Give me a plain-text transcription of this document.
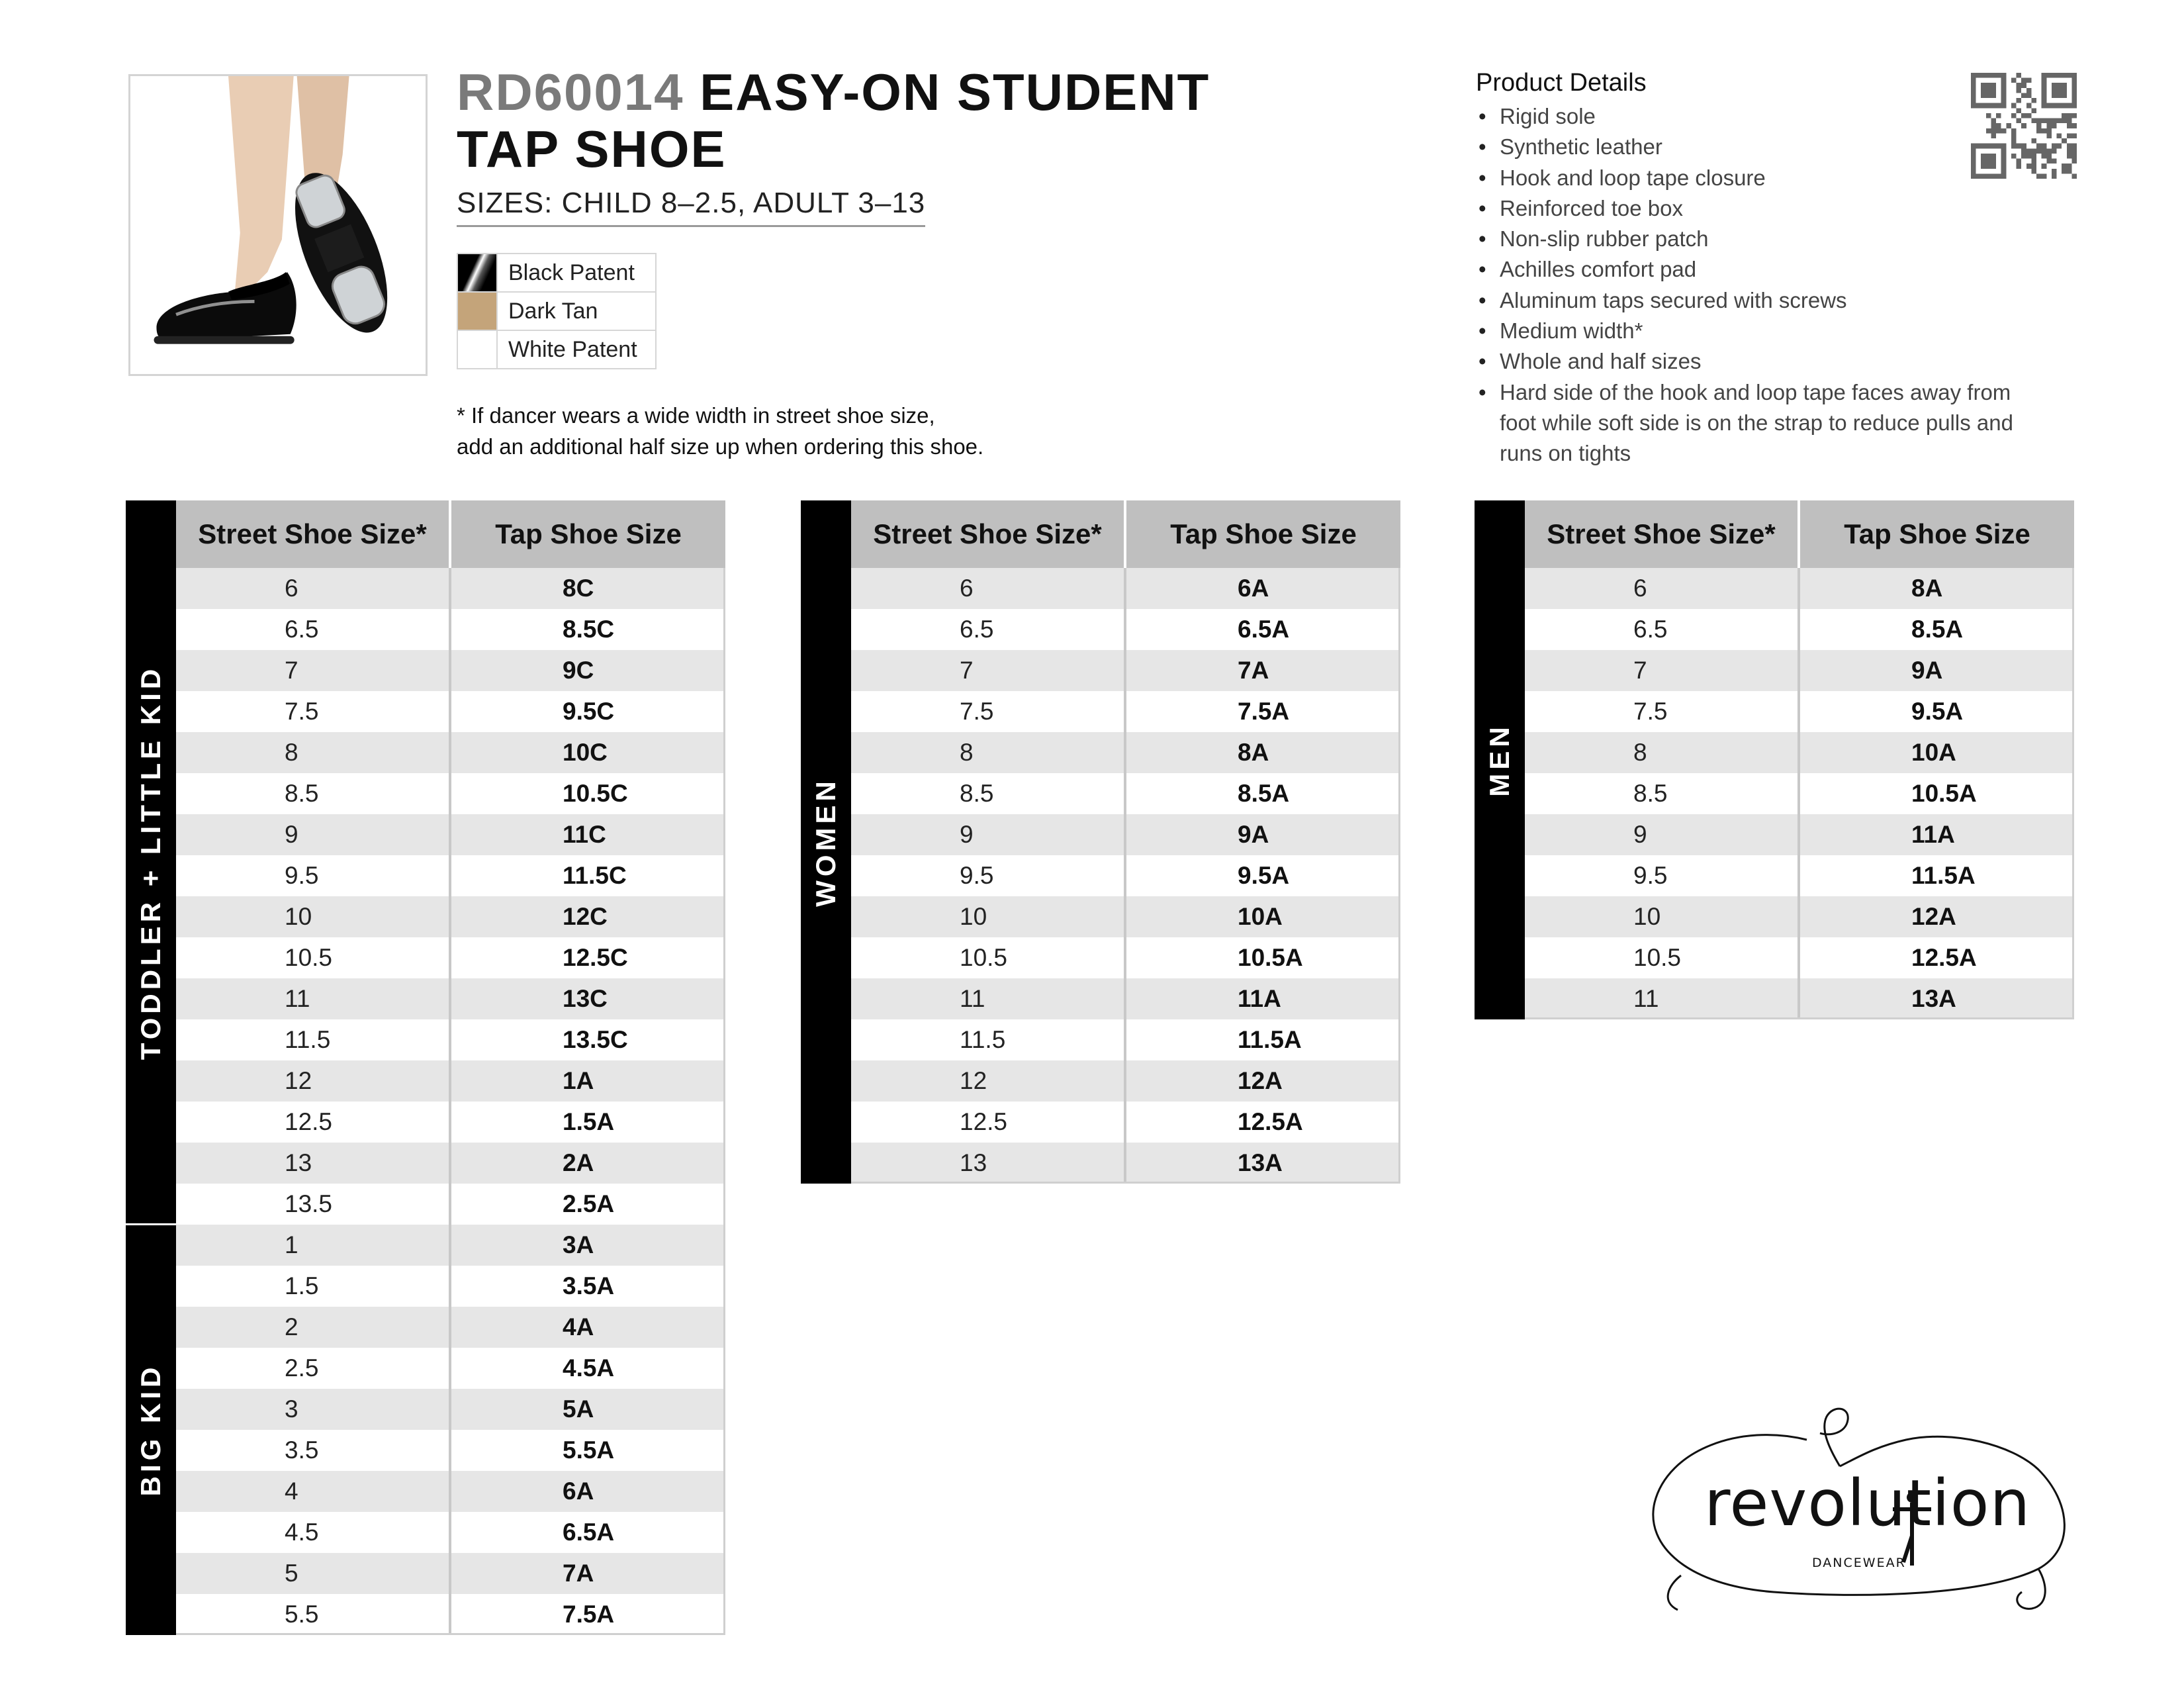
RD60014 EASY-ON STUDENT
TAP SHOE
SIZES: CHILD 8–2.5, ADULT 3–13
	Black Patent
	Dark Tan
	White Patent
* If dancer wears a wide width in street shoe size,
add an additional half size up when ordering this shoe.
Product Details
• Rigid sole
• Synthetic leather
• Hook and loop tape closure
• Reinforced toe box
• Non-slip rubber patch
• Achilles comfort pad
• Aluminum taps secured with screws
• Medium width*
• Whole and half sizes
• Hard side of the hook and loop tape faces away from
foot while soft side is on the strap to reduce pulls and
runs on tights
TODDLER + LITTLE KID
BIG KID
Street Shoe Size*	Tap Shoe Size
6	8C
6.5	8.5C
7	9C
7.5	9.5C
8	10C
8.5	10.5C
9	11C
9.5	11.5C
10	12C
10.5	12.5C
11	13C
11.5	13.5C
12	1A
12.5	1.5A
13	2A
13.5	2.5A
1	3A
1.5	3.5A
2	4A
2.5	4.5A
3	5A
3.5	5.5A
4	6A
4.5	6.5A
5	7A
5.5	7.5A
WOMEN
Street Shoe Size*	Tap Shoe Size
6	6A
6.5	6.5A
7	7A
7.5	7.5A
8	8A
8.5	8.5A
9	9A
9.5	9.5A
10	10A
10.5	10.5A
11	11A
11.5	11.5A
12	12A
12.5	12.5A
13	13A
MEN
Street Shoe Size*	Tap Shoe Size
6	8A
6.5	8.5A
7	9A
7.5	9.5A
8	10A
8.5	10.5A
9	11A
9.5	11.5A
10	12A
10.5	12.5A
11	13A
revolution
DANCEWEAR
